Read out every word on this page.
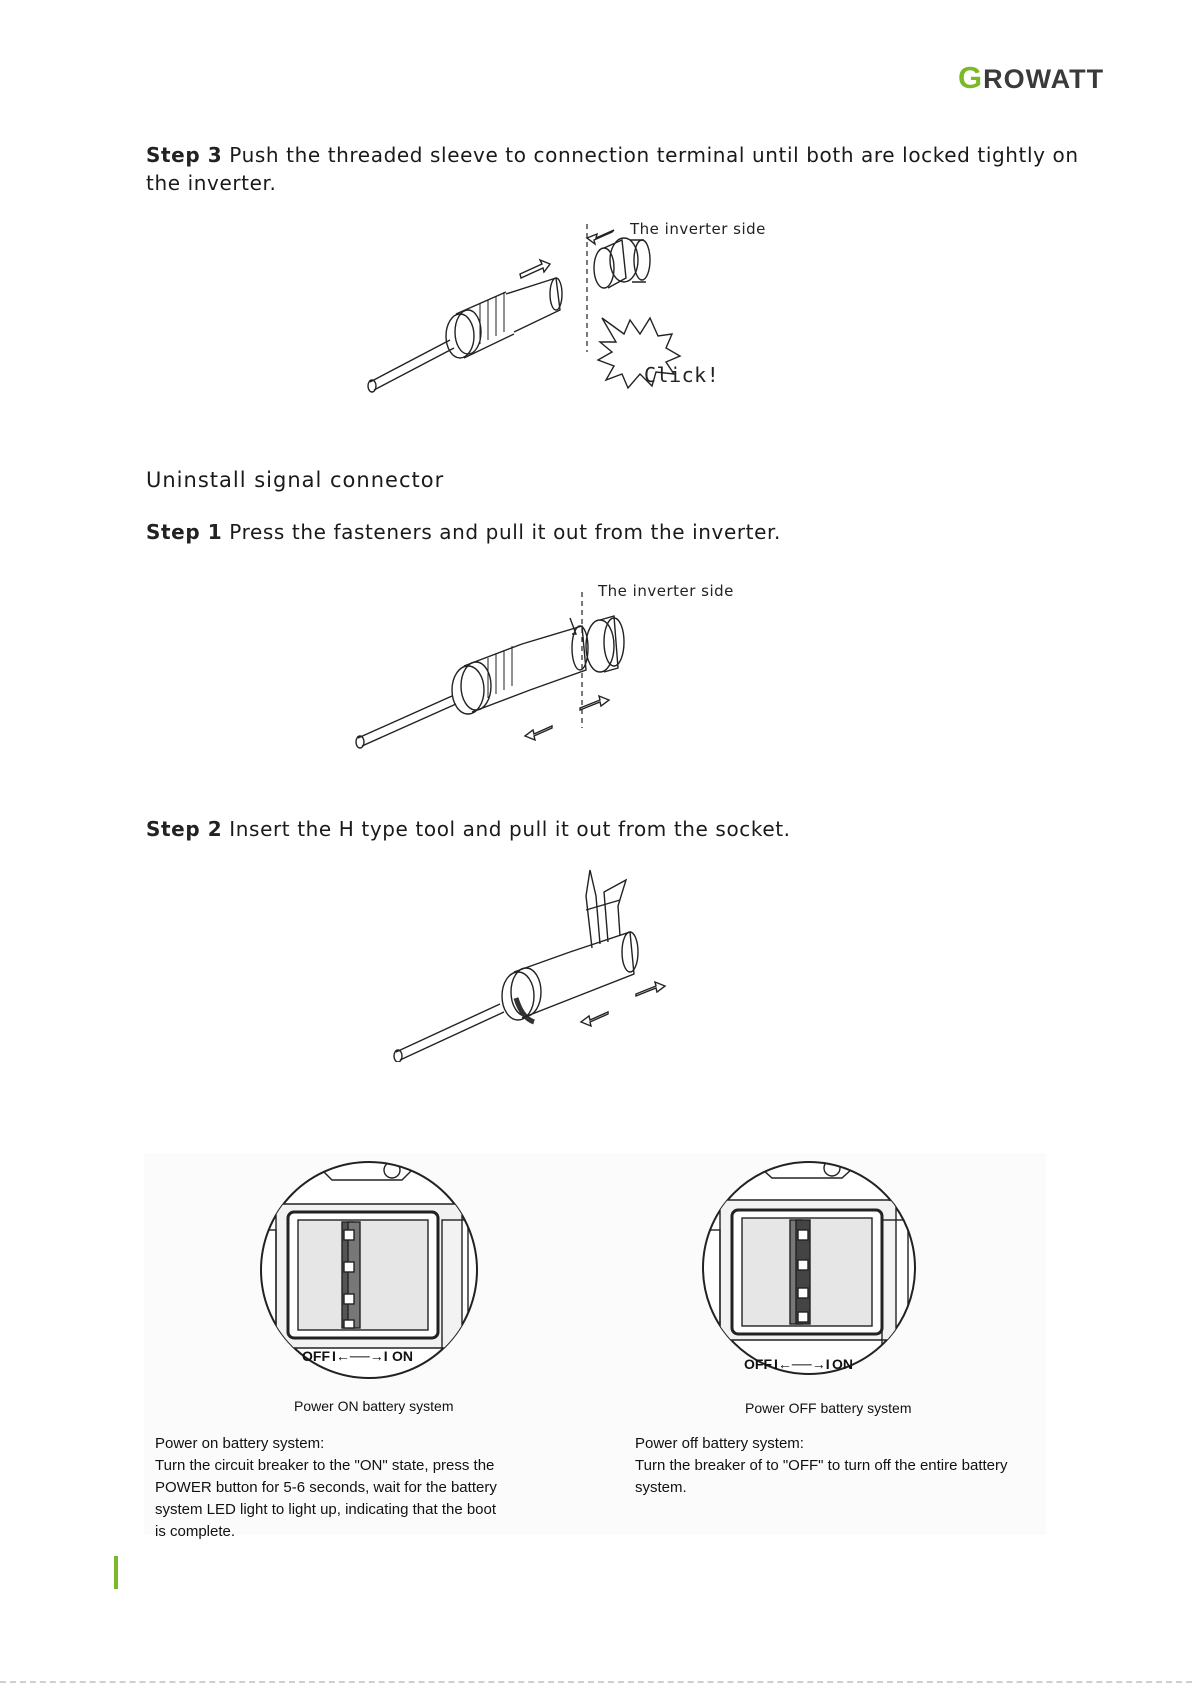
GROWATT
Step 3 Push the threaded sleeve to connection terminal until both are locked tightly on
the inverter.
The inverter side
Click!
Uninstall signal connector
Step 1 Press the fasteners and pull it out from the inverter.
The inverter side
Step 2 Insert the H type tool and pull it out from the socket.
OFF I←──→I ON
Power ON battery system
Power on battery system:
Turn the circuit breaker to the "ON" state, press the
POWER button for 5-6 seconds, wait for the battery
system LED light to light up, indicating that the boot
is complete.
OFF I←──→I ON
Power OFF battery system
Power off battery system:
Turn the breaker of to "OFF" to turn off the entire battery
system.
